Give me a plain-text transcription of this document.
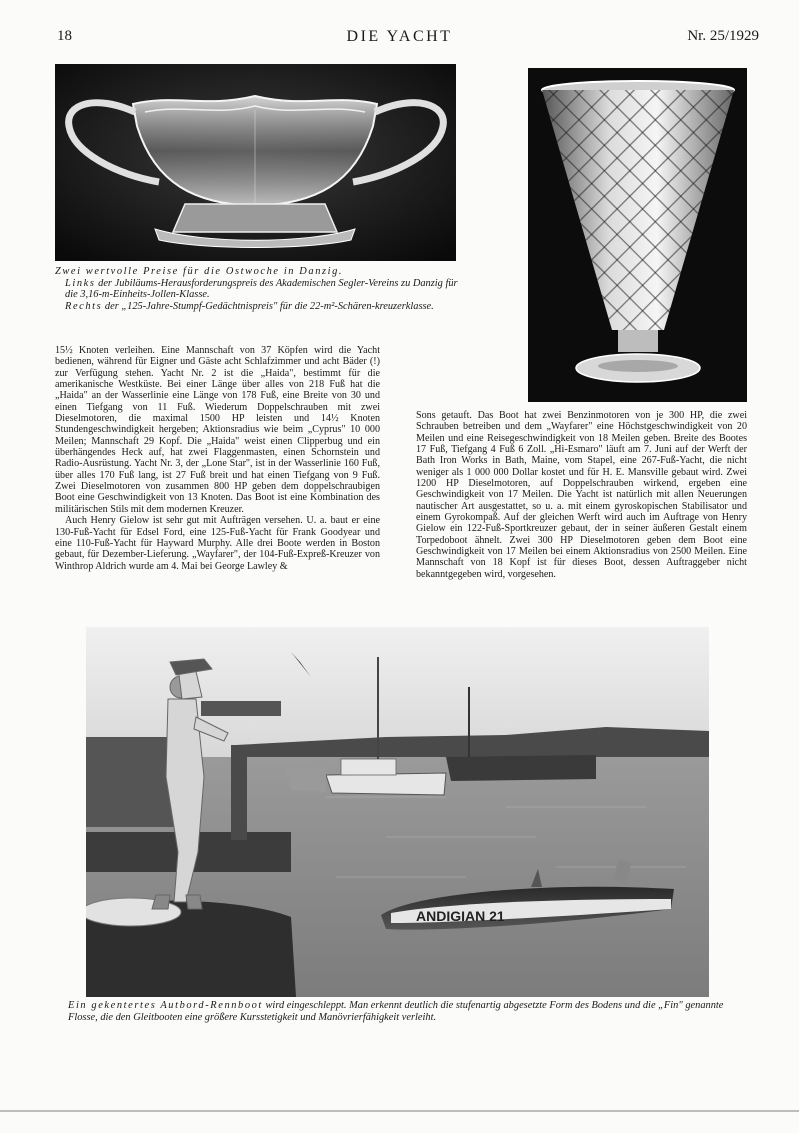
18	DIE YACHT	Nr. 25/1929
Zwei wertvolle Preise für die Ostwoche in Danzig.
Links der Jubiläums-Herausforderungspreis des Akademischen Segler-Vereins zu Danzig für die 3,16-m-Einheits-Jollen-Klasse.
Rechts der „125-Jahre-Stumpf-Gedächtnispreis" für die 22-m²-Schären-kreuzerklasse.

15½ Knoten verleihen. Eine Mannschaft von 37 Köpfen wird die Yacht bedienen, während für Eigner und Gäste acht Schlafzimmer und acht Bäder (!) zur Verfügung stehen. Yacht Nr. 2 ist die „Haida", bestimmt für die amerikanische Westküste. Bei einer Länge über alles von 218 Fuß hat die „Haida" an der Wasserlinie eine Länge von 178 Fuß, eine Breite von 30 und einen Tiefgang von 11 Fuß. Wiederum Doppelschrauben mit zwei Dieselmotoren, die maximal 1500 HP leisten und 14½ Knoten Stundengeschwindigkeit hergeben; Aktionsradius wie beim „Cyprus" 10 000 Meilen; Mannschaft 29 Kopf. Die „Haida" weist einen Clipperbug und ein überhängendes Heck auf, hat zwei Flaggenmasten, einen Schornstein und Radio-Ausrüstung. Yacht Nr. 3, der „Lone Star", ist in der Wasserlinie 160 Fuß, über alles 170 Fuß lang, ist 27 Fuß breit und hat einen Tiefgang von 9 Fuß. Zwei Dieselmotoren von zusammen 800 HP geben dem doppelschraubigen Boot eine Geschwindigkeit von 13 Knoten. Das Boot ist eine Kombination des militärischen Stils mit dem modernen Kreuzer.

Auch Henry Gielow ist sehr gut mit Aufträgen versehen. U. a. baut er eine 130-Fuß-Yacht für Edsel Ford, eine 125-Fuß-Yacht für Frank Goodyear und eine 110-Fuß-Yacht für Hayward Murphy. Alle drei Boote werden in Boston gebaut, für Dezember-Lieferung. „Wayfarer", der 104-Fuß-Expreß-Kreuzer von Winthrop Aldrich wurde am 4. Mai bei George Lawley &

Sons getauft. Das Boot hat zwei Benzinmotoren von je 300 HP, die zwei Schrauben betreiben und dem „Wayfarer" eine Höchstgeschwindigkeit von 20 Meilen und eine Reisegeschwindigkeit von 18 Meilen geben. Breite des Bootes 17 Fuß, Tiefgang 4 Fuß 6 Zoll. „Hi-Esmaro" läuft am 7. Juni auf der Werft der Bath Iron Works in Bath, Maine, vom Stapel, eine 267-Fuß-Yacht, die nicht weniger als 1 000 000 Dollar kostet und für H. E. Mansville gebaut wird. Zwei 1200 HP Dieselmotoren, auf Doppelschrauben wirkend, ergeben eine Geschwindigkeit von 17 Meilen. Die Yacht ist natürlich mit allen Neuerungen nautischer Art ausgestattet, so u. a. mit einem gyroskopischen Stabilisator und einem Gyrokompaß. Auf der gleichen Werft wird auch im Auftrage von Henry Gielow ein 122-Fuß-Sportkreuzer gebaut, der in seiner äußeren Gestalt einem Torpedoboot ähnelt. Zwei 300 HP Dieselmotoren geben dem Boot eine Geschwindigkeit von 17 Meilen bei einem Aktionsradius von 2500 Meilen. Eine Mannschaft von 18 Kopf ist für dieses Boot, dessen Auftraggeber nicht bekanntgegeben wird, vorgesehen.

ANDIGIAN 21
Ein gekentertes Autbord-Rennboot wird eingeschleppt. Man erkennt deutlich die stufenartig abgesetzte Form des Bodens und die „Fin" genannte Flosse, die den Gleitbooten eine größere Kursstetigkeit und Manövrierfähigkeit verleiht.
